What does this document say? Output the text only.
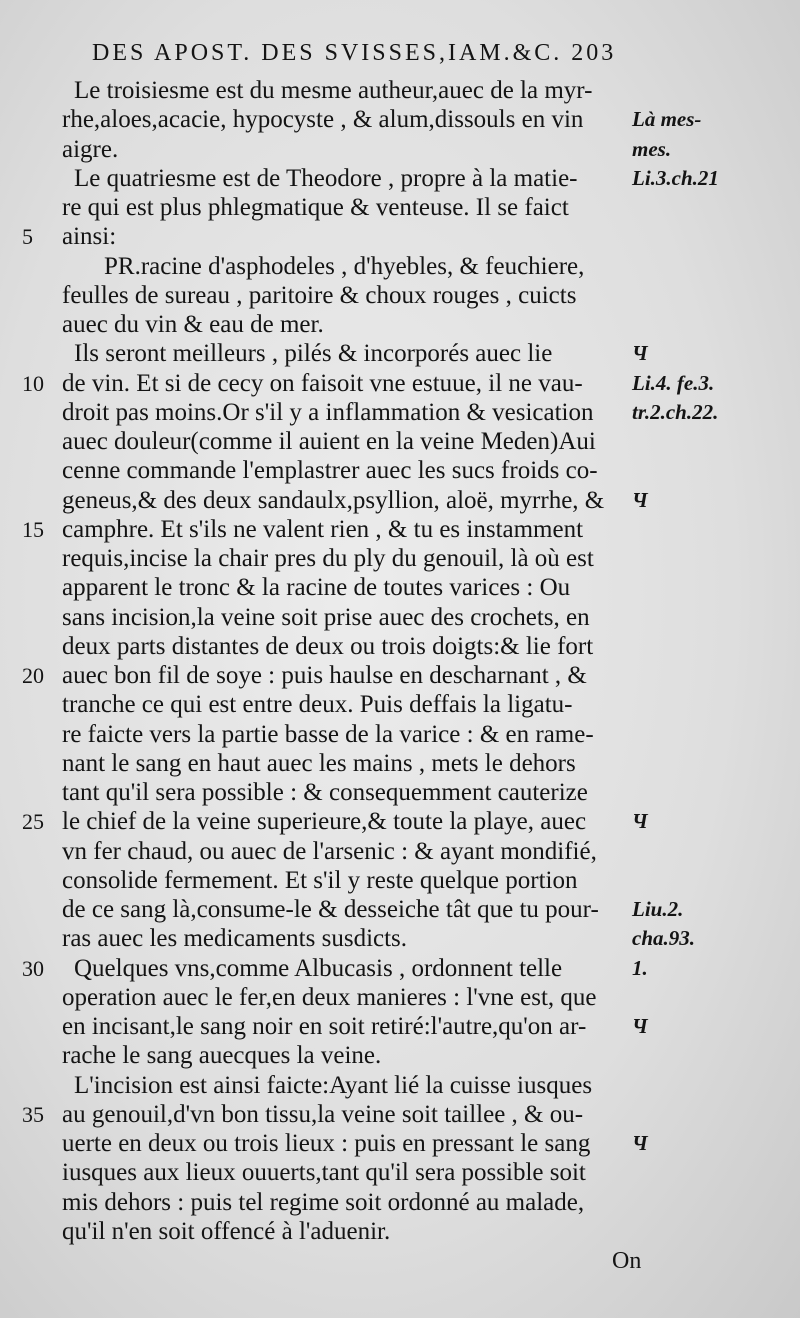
DES APOST. DES SVISSES,IAM.&C. 203
5
10
15
20
25
30
35
Le troisiesme est du mesme autheur,auec de la myr-
rhe,aloes,acacie, hypocyste , & alum,dissouls en vin
aigre.
Le quatriesme est de Theodore , propre à la matie-
re qui est plus phlegmatique & venteuse. Il se faict
ainsi:
PR.racine d'asphodeles , d'hyebles, & feuchiere,
feulles de sureau , paritoire & choux rouges , cuicts
auec du vin & eau de mer.
Ils seront meilleurs , pilés & incorporés auec lie
de vin. Et si de cecy on faisoit vne estuue, il ne vau-
droit pas moins.Or s'il y a inflammation & vesication
auec douleur(comme il auient en la veine Meden)Aui
cenne commande l'emplastrer auec les sucs froids co-
geneus,& des deux sandaulx,psyllion, aloë, myrrhe, &
camphre. Et s'ils ne valent rien , & tu es instamment
requis,incise la chair pres du ply du genouil, là où est
apparent le tronc & la racine de toutes varices : Ou
sans incision,la veine soit prise auec des crochets, en
deux parts distantes de deux ou trois doigts:& lie fort
auec bon fil de soye : puis haulse en descharnant , &
tranche ce qui est entre deux. Puis deffais la ligatu-
re faicte vers la partie basse de la varice : & en rame-
nant le sang en haut auec les mains , mets le dehors
tant qu'il sera possible : & consequemment cauterize
le chief de la veine superieure,& toute la playe, auec
vn fer chaud, ou auec de l'arsenic : & ayant mondifié,
consolide fermement. Et s'il y reste quelque portion
de ce sang là,consume-le & desseiche tât que tu pour-
ras auec les medicaments susdicts.
Quelques vns,comme Albucasis , ordonnent telle
operation auec le fer,en deux manieres : l'vne est, que
en incisant,le sang noir en soit retiré:l'autre,qu'on ar-
rache le sang auecques la veine.
L'incision est ainsi faicte:Ayant lié la cuisse iusques
au genouil,d'vn bon tissu,la veine soit taillee , & ou-
uerte en deux ou trois lieux : puis en pressant le sang
iusques aux lieux ouuerts,tant qu'il sera possible soit
mis dehors : puis tel regime soit ordonné au malade,
qu'il n'en soit offencé à l'aduenir.
Là mes-
mes.
Li.3.ch.21
Ч
Li.4. fe.3.
tr.2.ch.22.
Ч
Ч
Liu.2.
cha.93.
1.
Ч
Ч
On
